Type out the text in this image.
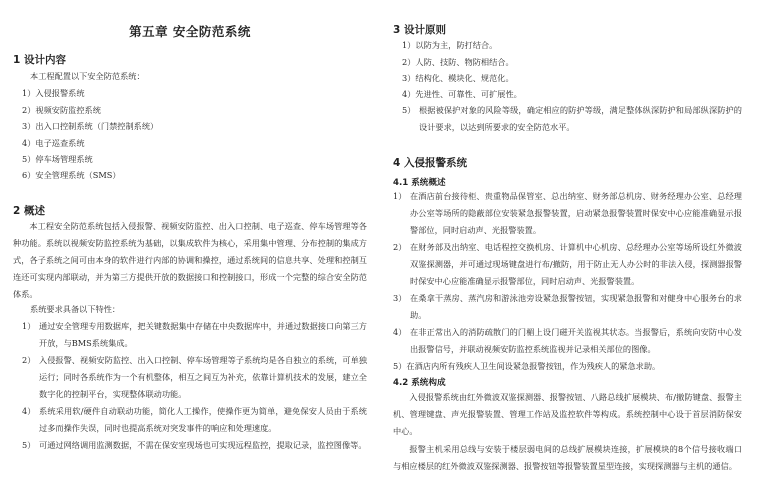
第五章 安全防范系统
1 设计内容
本工程配置以下安全防范系统：
1）入侵报警系统
2）视频安防监控系统
3）出入口控制系统（门禁控制系统）
4）电子巡查系统
5）停车场管理系统
6）安全管理系统（SMS）
2 概述
本工程安全防范系统包括入侵报警、视频安防监控、出入口控制、电子巡查、停车场管理等各种功能。系统以视频安防监控系统为基础，以集成软件为核心，采用集中管理、分布控制的集成方式，各子系统之间可由本身的软件进行内部的协调和操控，通过系统间的信息共享、处理和控制互连还可实现内部联动，并为第三方提供开放的数据接口和控制接口，形成一个完整的综合安全防范体系。
系统要求具备以下特性：
1） 通过安全管理专用数据库，把关键数据集中存储在中央数据库中，并通过数据接口向第三方开放，与BMS系统集成。
2） 入侵报警、视频安防监控、出入口控制、停车场管理等子系统均是各自独立的系统，可单独运行；同时各系统作为一个有机整体，相互之间互为补充，依靠计算机技术的发展，建立全数字化的控制平台，实现整体联动功能。
4） 系统采用软/硬件自动联动功能，简化人工操作，使操作更为简单，避免保安人员由于系统过多而操作失误，同时也提高系统对突发事件的响应和处理速度。
5） 可通过网络调用监测数据，不需在保安室现场也可实现远程监控，提取记录，监控图像等。
3 设计原则
1）以防为主，防打结合。
2）人防、技防、物防相结合。
3）结构化、模块化、规范化。
4）先进性、可靠性、可扩展性。
5） 根据被保护对象的风险等级，确定相应的防护等级，满足整体纵深防护和局部纵深防护的设计要求，以达到所要求的安全防范水平。
4 入侵报警系统
4.1 系统概述
1） 在酒店前台接待柜、贵重物品保管室、总出纳室、财务部总机房、财务经理办公室、总经理办公室等场所的隐蔽部位安装紧急报警装置，启动紧急报警装置时保安中心应能准确显示报警部位，同时启动声、光报警装置。
2） 在财务部及出纳室、电话程控交换机房、计算机中心机房、总经理办公室等场所设红外微波双鉴探测器，并可通过现场键盘进行布/撤防，用于防止无人办公时的非法入侵，探测器报警时保安中心应能准确显示报警部位，同时启动声、光报警装置。
3） 在桑拿干蒸房、蒸汽房和游泳池旁设紧急报警按钮，实现紧急报警和对健身中心服务台的求助。
4） 在非正常出入的消防疏散门的门楣上设门磁开关监视其状态。当报警后，系统向安防中心发出报警信号，并联动视频安防监控系统监视并记录相关部位的图像。
5）在酒店内所有残疾人卫生间设紧急报警按钮，作为残疾人的紧急求助。
4.2 系统构成
入侵报警系统由红外微波双鉴探测器、报警按钮、八路总线扩展模块、布/撤防键盘、报警主机、管理键盘、声光报警装置、管理工作站及监控软件等构成。系统控制中心设于首层消防保安中心。
报警主机采用总线与安装于楼层弱电间的总线扩展模块连接，扩展模块的8个信号接收端口与相应楼层的红外微波双鉴探测器、报警按钮等报警装置星型连接，实现探测器与主机的通信。
